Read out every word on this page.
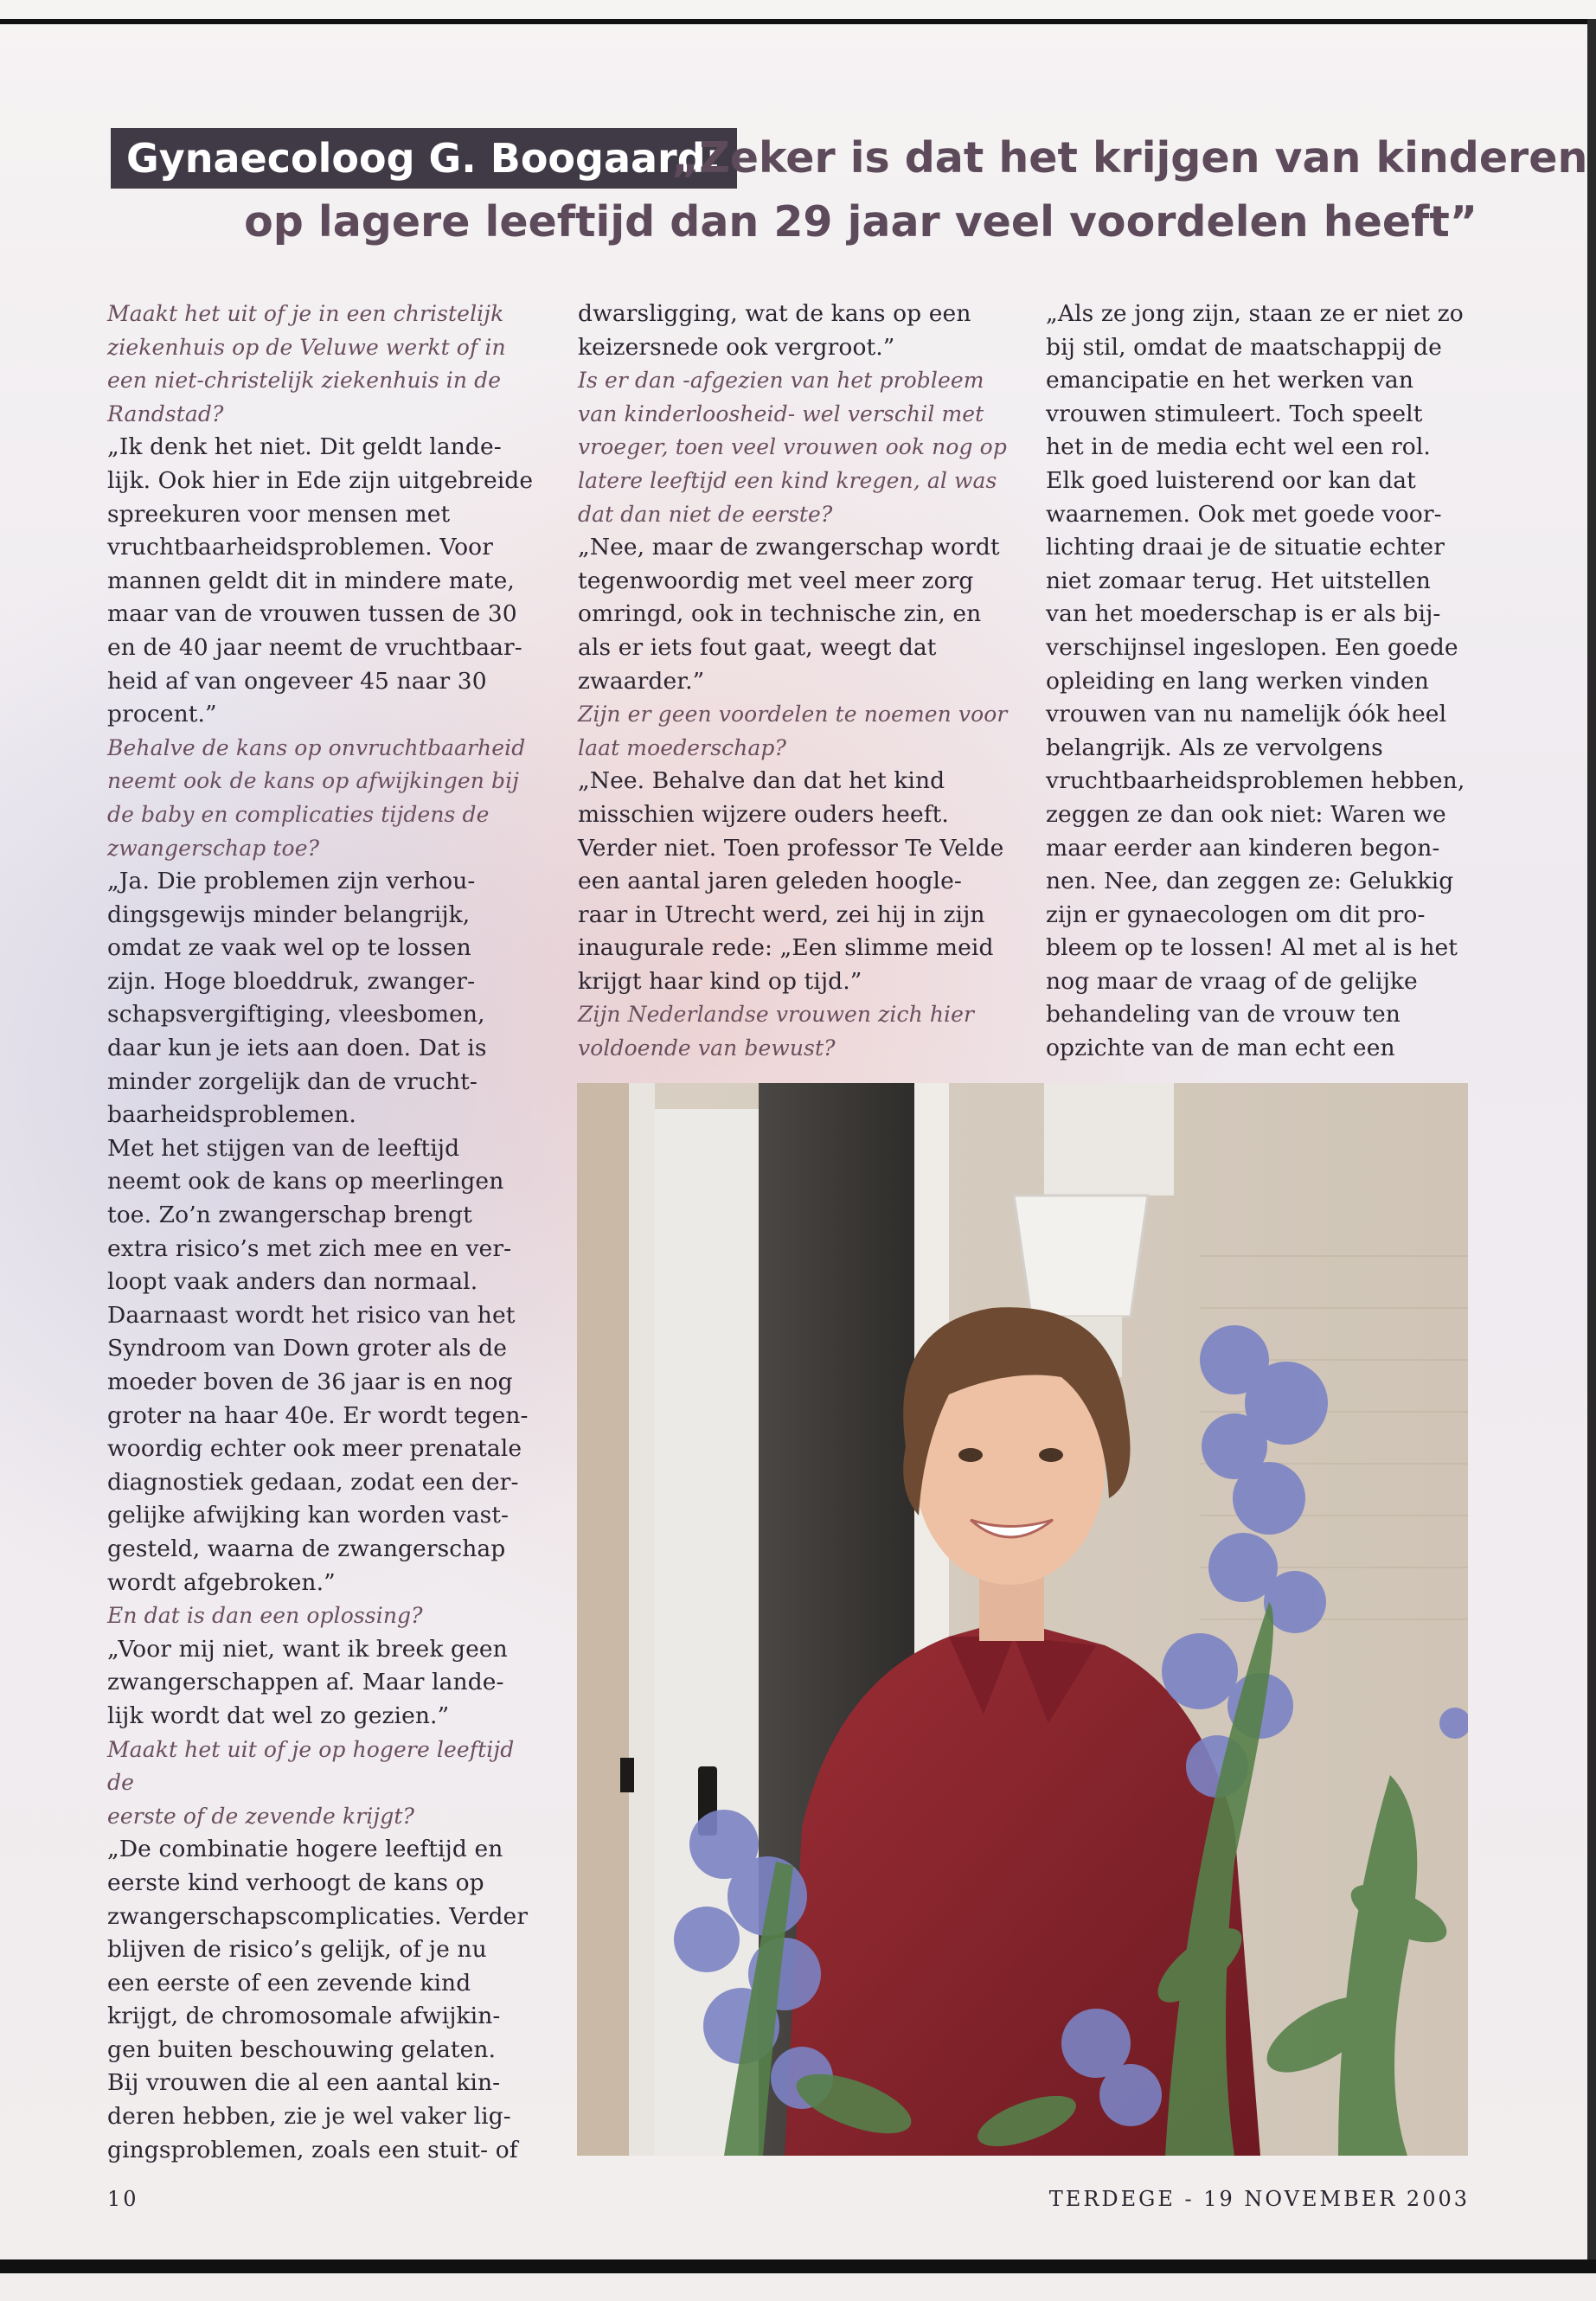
Gynaecoloog G. Boogaard:
„Zeker is dat het krijgen van kinderen
op lagere leeftijd dan 29 jaar veel voordelen heeft”

Maakt het uit of je in een christelijk
ziekenhuis op de Veluwe werkt of in
een niet-christelijk ziekenhuis in de
Randstad?

„Ik denk het niet. Dit geldt lande-
lijk. Ook hier in Ede zijn uitgebreide
spreekuren voor mensen met
vruchtbaarheidsproblemen. Voor
mannen geldt dit in mindere mate,
maar van de vrouwen tussen de 30
en de 40 jaar neemt de vruchtbaar-
heid af van ongeveer 45 naar 30
procent.”

Behalve de kans op onvruchtbaarheid
neemt ook de kans op afwijkingen bij
de baby en complicaties tijdens de
zwangerschap toe?

„Ja. Die problemen zijn verhou-
dingsgewijs minder belangrijk,
omdat ze vaak wel op te lossen
zijn. Hoge bloeddruk, zwanger-
schapsvergiftiging, vleesbomen,
daar kun je iets aan doen. Dat is
minder zorgelijk dan de vrucht-
baarheidsproblemen.
Met het stijgen van de leeftijd
neemt ook de kans op meerlingen
toe. Zo’n zwangerschap brengt
extra risico’s met zich mee en ver-
loopt vaak anders dan normaal.
Daarnaast wordt het risico van het
Syndroom van Down groter als de
moeder boven de 36 jaar is en nog
groter na haar 40e. Er wordt tegen-
woordig echter ook meer prenatale
diagnostiek gedaan, zodat een der-
gelijke afwijking kan worden vast-
gesteld, waarna de zwangerschap
wordt afgebroken.”

En dat is dan een oplossing?

„Voor mij niet, want ik breek geen
zwangerschappen af. Maar lande-
lijk wordt dat wel zo gezien.”

Maakt het uit of je op hogere leeftijd de
eerste of de zevende krijgt?

„De combinatie hogere leeftijd en
eerste kind verhoogt de kans op
zwangerschapscomplicaties. Verder
blijven de risico’s gelijk, of je nu
een eerste of een zevende kind
krijgt, de chromosomale afwijkin-
gen buiten beschouwing gelaten.
Bij vrouwen die al een aantal kin-
deren hebben, zie je wel vaker lig-
gingsproblemen, zoals een stuit- of

dwarsligging, wat de kans op een
keizersnede ook vergroot.”

Is er dan -afgezien van het probleem
van kinderloosheid- wel verschil met
vroeger, toen veel vrouwen ook nog op
latere leeftijd een kind kregen, al was
dat dan niet de eerste?

„Nee, maar de zwangerschap wordt
tegenwoordig met veel meer zorg
omringd, ook in technische zin, en
als er iets fout gaat, weegt dat
zwaarder.”

Zijn er geen voordelen te noemen voor
laat moederschap?

„Nee. Behalve dan dat het kind
misschien wijzere ouders heeft.
Verder niet. Toen professor Te Velde
een aantal jaren geleden hoogle-
raar in Utrecht werd, zei hij in zijn
inaugurale rede: „Een slimme meid
krijgt haar kind op tijd.”

Zijn Nederlandse vrouwen zich hier
voldoende van bewust?

„Als ze jong zijn, staan ze er niet zo
bij stil, omdat de maatschappij de
emancipatie en het werken van
vrouwen stimuleert. Toch speelt
het in de media echt wel een rol.
Elk goed luisterend oor kan dat
waarnemen. Ook met goede voor-
lichting draai je de situatie echter
niet zomaar terug. Het uitstellen
van het moederschap is er als bij-
verschijnsel ingeslopen. Een goede
opleiding en lang werken vinden
vrouwen van nu namelijk óók heel
belangrijk. Als ze vervolgens
vruchtbaarheidsproblemen hebben,
zeggen ze dan ook niet: Waren we
maar eerder aan kinderen begon-
nen. Nee, dan zeggen ze: Gelukkig
zijn er gynaecologen om dit pro-
bleem op te lossen! Al met al is het
nog maar de vraag of de gelijke
behandeling van de vrouw ten
opzichte van de man echt een

10	TERDEGE - 19 NOVEMBER 2003
